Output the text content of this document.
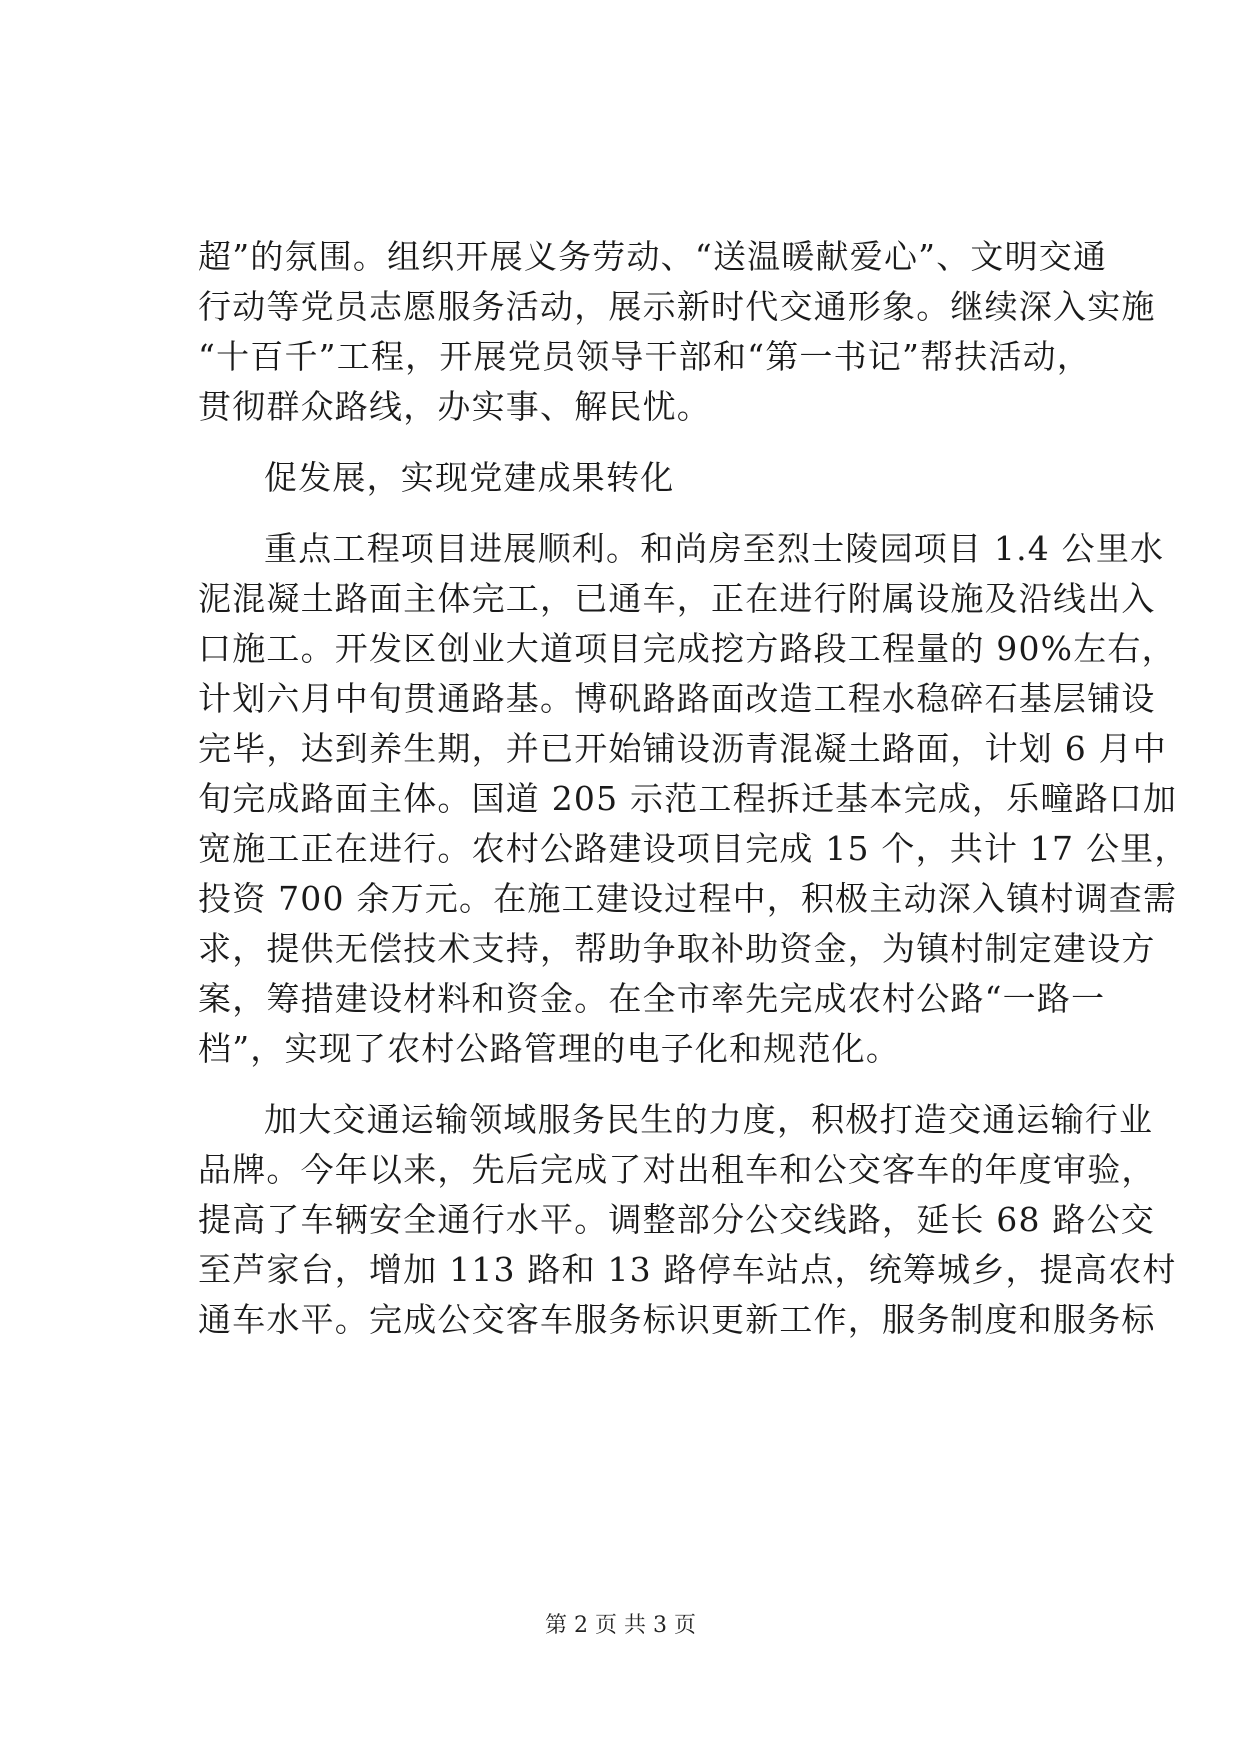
超”的氛围。组织开展义务劳动、“送温暖献爱心”、文明交通
行动等党员志愿服务活动，展示新时代交通形象。继续深入实施
“十百千”工程，开展党员领导干部和“第一书记”帮扶活动，
贯彻群众路线，办实事、解民忧。
促发展，实现党建成果转化
重点工程项目进展顺利。和尚房至烈士陵园项目 1.4 公里水
泥混凝土路面主体完工，已通车，正在进行附属设施及沿线出入
口施工。开发区创业大道项目完成挖方路段工程量的 90%左右，
计划六月中旬贯通路基。博矾路路面改造工程水稳碎石基层铺设
完毕，达到养生期，并已开始铺设沥青混凝土路面，计划 6 月中
旬完成路面主体。国道 205 示范工程拆迁基本完成，乐疃路口加
宽施工正在进行。农村公路建设项目完成 15 个，共计 17 公里，
投资 700 余万元。在施工建设过程中，积极主动深入镇村调查需
求，提供无偿技术支持，帮助争取补助资金，为镇村制定建设方
案，筹措建设材料和资金。在全市率先完成农村公路“一路一
档”，实现了农村公路管理的电子化和规范化。
加大交通运输领域服务民生的力度，积极打造交通运输行业
品牌。今年以来，先后完成了对出租车和公交客车的年度审验，
提高了车辆安全通行水平。调整部分公交线路，延长 68 路公交
至芦家台，增加 113 路和 13 路停车站点，统筹城乡，提高农村
通车水平。完成公交客车服务标识更新工作，服务制度和服务标
第 2 页 共 3 页
